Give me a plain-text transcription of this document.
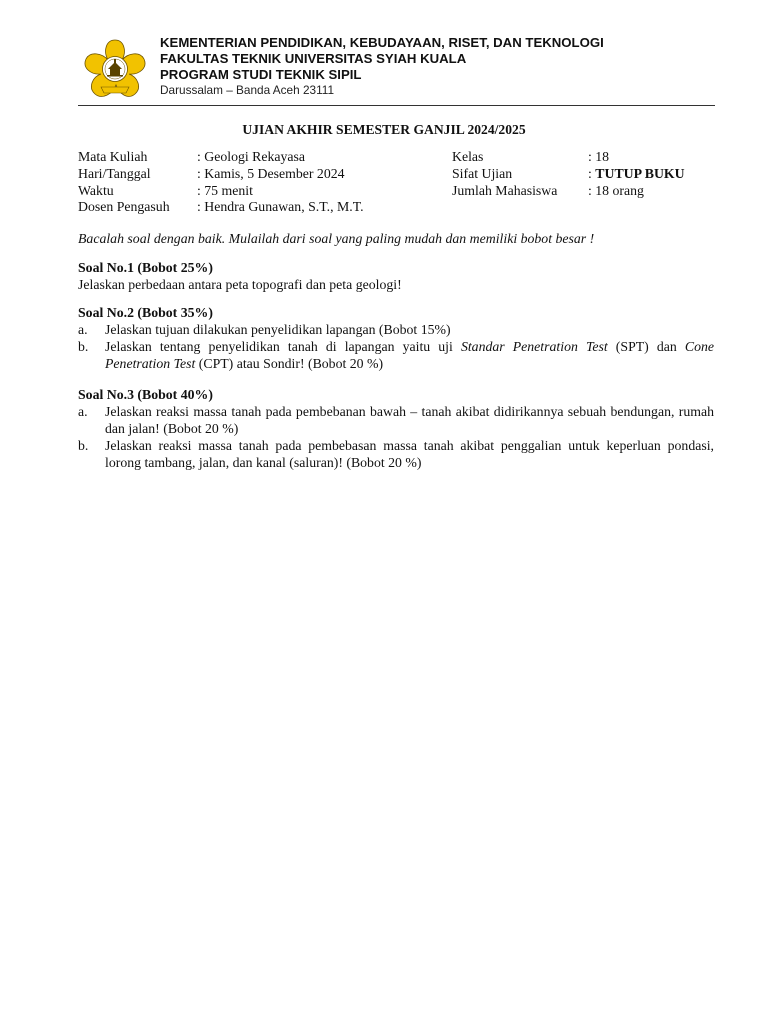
KEMENTERIAN PENDIDIKAN, KEBUDAYAAN, RISET, DAN TEKNOLOGI
FAKULTAS TEKNIK UNIVERSITAS SYIAH KUALA
PROGRAM STUDI TEKNIK SIPIL
Darussalam – Banda Aceh 23111
UJIAN AKHIR SEMESTER GANJIL 2024/2025
Mata Kuliah	: Geologi Rekayasa
Hari/Tanggal	: Kamis, 5 Desember 2024
Waktu	: 75 menit
Dosen Pengasuh : Hendra Gunawan, S.T., M.T.
Kelas	: 18
Sifat Ujian	: TUTUP BUKU
Jumlah Mahasiswa : 18 orang
Bacalah soal dengan baik. Mulailah dari soal yang paling mudah dan memiliki bobot besar !
Soal No.1 (Bobot 25%)
Jelaskan perbedaan antara peta topografi dan peta geologi!
Soal No.2 (Bobot 35%)
a. Jelaskan tujuan dilakukan penyelidikan lapangan (Bobot 15%)
b. Jelaskan tentang penyelidikan tanah di lapangan yaitu uji Standar Penetration Test (SPT) dan Cone
Penetration Test (CPT) atau Sondir! (Bobot 20 %)
Soal No.3 (Bobot 40%)
a. Jelaskan reaksi massa tanah pada pembebanan bawah – tanah akibat didirikannya sebuah bendungan, rumah
dan jalan! (Bobot 20 %)
b. Jelaskan reaksi massa tanah pada pembebasan massa tanah akibat penggalian untuk keperluan pondasi,
lorong tambang, jalan, dan kanal (saluran)! (Bobot 20 %)
